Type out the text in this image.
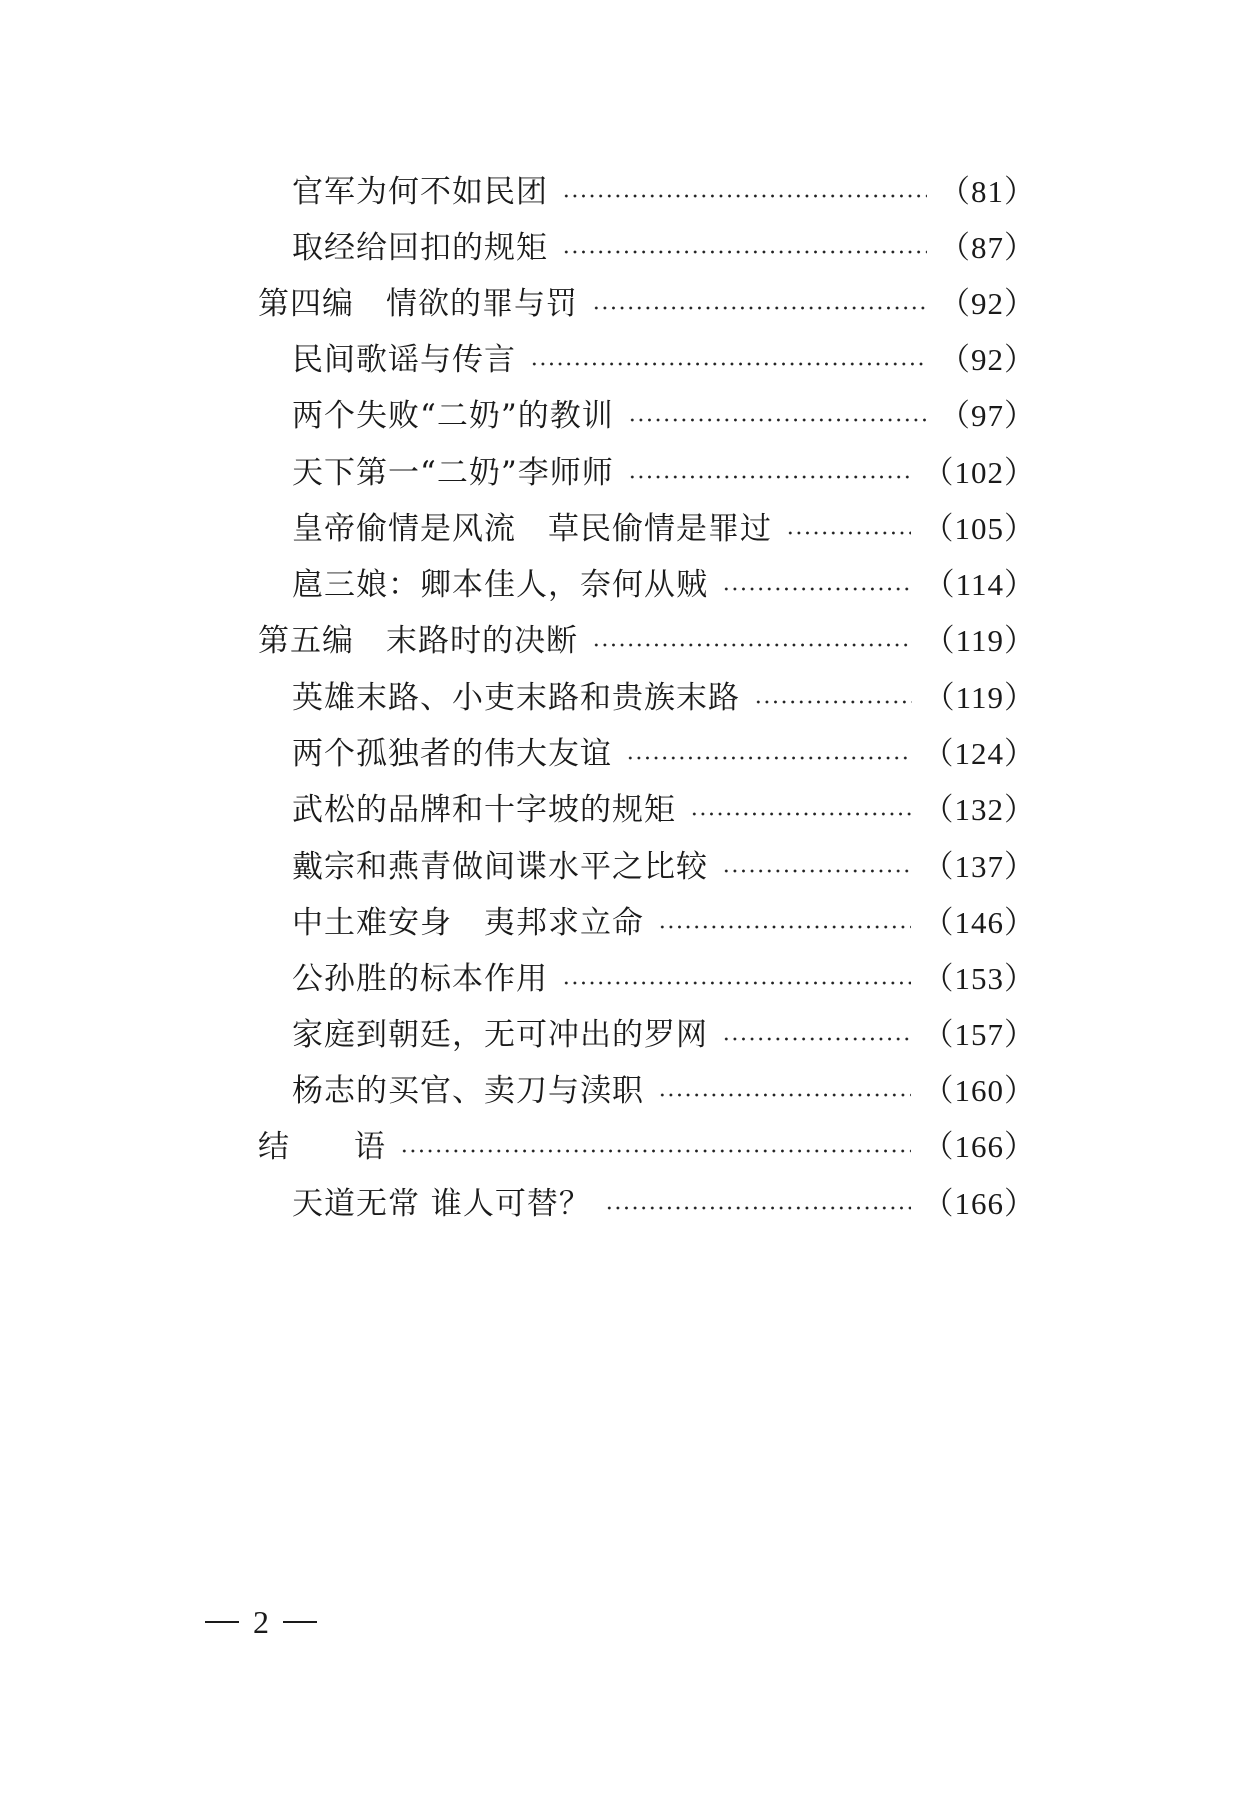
官军为何不如民团	（81）
取经给回扣的规矩	（87）
第四编　情欲的罪与罚	（92）
民间歌谣与传言	（92）
两个失败“二奶”的教训	（97）
天下第一“二奶”李师师	（102）
皇帝偷情是风流　草民偷情是罪过	（105）
扈三娘：卿本佳人，奈何从贼	（114）
第五编　末路时的决断	（119）
英雄末路、小吏末路和贵族末路	（119）
两个孤独者的伟大友谊	（124）
武松的品牌和十字坡的规矩	（132）
戴宗和燕青做间谍水平之比较	（137）
中土难安身　夷邦求立命	（146）
公孙胜的标本作用	（153）
家庭到朝廷，无可冲出的罗网	（157）
杨志的买官、卖刀与渎职	（160）
结　　语	（166）
天道无常 谁人可替？	（166）
2
